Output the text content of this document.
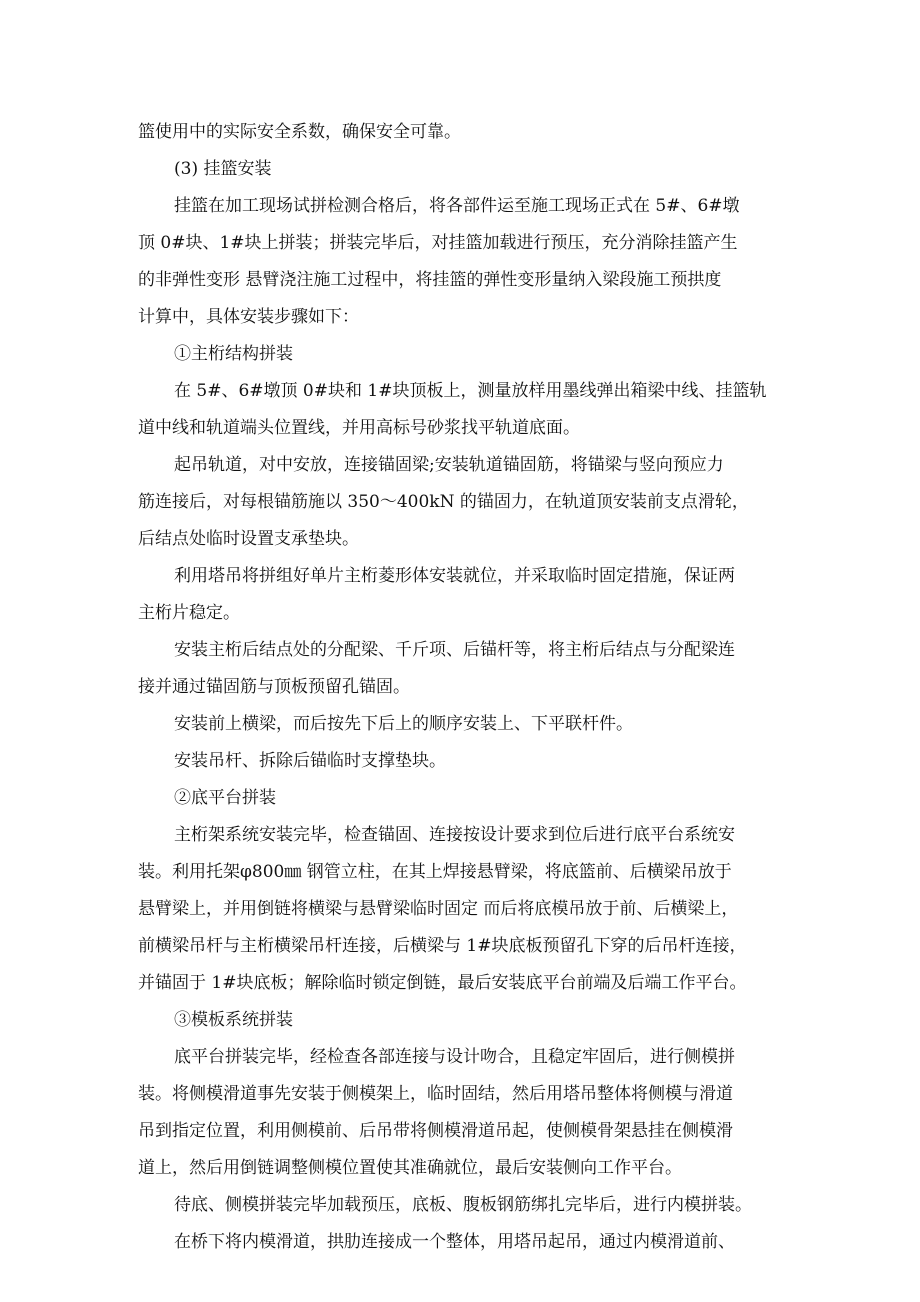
篮使用中的实际安全系数，确保安全可靠。
(3) 挂篮安装
挂篮在加工现场试拼检测合格后，将各部件运至施工现场正式在 5#、6#墩
顶 0#块、1#块上拼装；拼装完毕后，对挂篮加载进行预压，充分消除挂篮产生
的非弹性变形 悬臂浇注施工过程中，将挂篮的弹性变形量纳入梁段施工预拱度
计算中，具体安装步骤如下：
①主桁结构拼装
在 5#、6#墩顶 0#块和 1#块顶板上，测量放样用墨线弹出箱梁中线、挂篮轨
道中线和轨道端头位置线，并用高标号砂浆找平轨道底面。
起吊轨道，对中安放，连接锚固梁;安装轨道锚固筋，将锚梁与竖向预应力
筋连接后，对每根锚筋施以 350～400kN 的锚固力，在轨道顶安装前支点滑轮，
后结点处临时设置支承垫块。
利用塔吊将拼组好单片主桁菱形体安装就位，并采取临时固定措施，保证两
主桁片稳定。
安装主桁后结点处的分配梁、千斤项、后锚杆等，将主桁后结点与分配梁连
接并通过锚固筋与顶板预留孔锚固。
安装前上横梁，而后按先下后上的顺序安装上、下平联杆件。
安装吊杆、拆除后锚临时支撑垫块。
②底平台拼装
主桁架系统安装完毕，检查锚固、连接按设计要求到位后进行底平台系统安
装。利用托架φ800㎜ 钢管立柱，在其上焊接悬臂梁，将底篮前、后横梁吊放于
悬臂梁上，并用倒链将横梁与悬臂梁临时固定 而后将底模吊放于前、后横梁上，
前横梁吊杆与主桁横梁吊杆连接，后横梁与 1#块底板预留孔下穿的后吊杆连接，
并锚固于 1#块底板；解除临时锁定倒链，最后安装底平台前端及后端工作平台。
③模板系统拼装
底平台拼装完毕，经检查各部连接与设计吻合，且稳定牢固后，进行侧模拼
装。将侧模滑道事先安装于侧模架上，临时固结，然后用塔吊整体将侧模与滑道
吊到指定位置，利用侧模前、后吊带将侧模滑道吊起，使侧模骨架悬挂在侧模滑
道上，然后用倒链调整侧模位置使其准确就位，最后安装侧向工作平台。
待底、侧模拼装完毕加载预压，底板、腹板钢筋绑扎完毕后，进行内模拼装。
在桥下将内模滑道，拱肋连接成一个整体，用塔吊起吊，通过内模滑道前、
